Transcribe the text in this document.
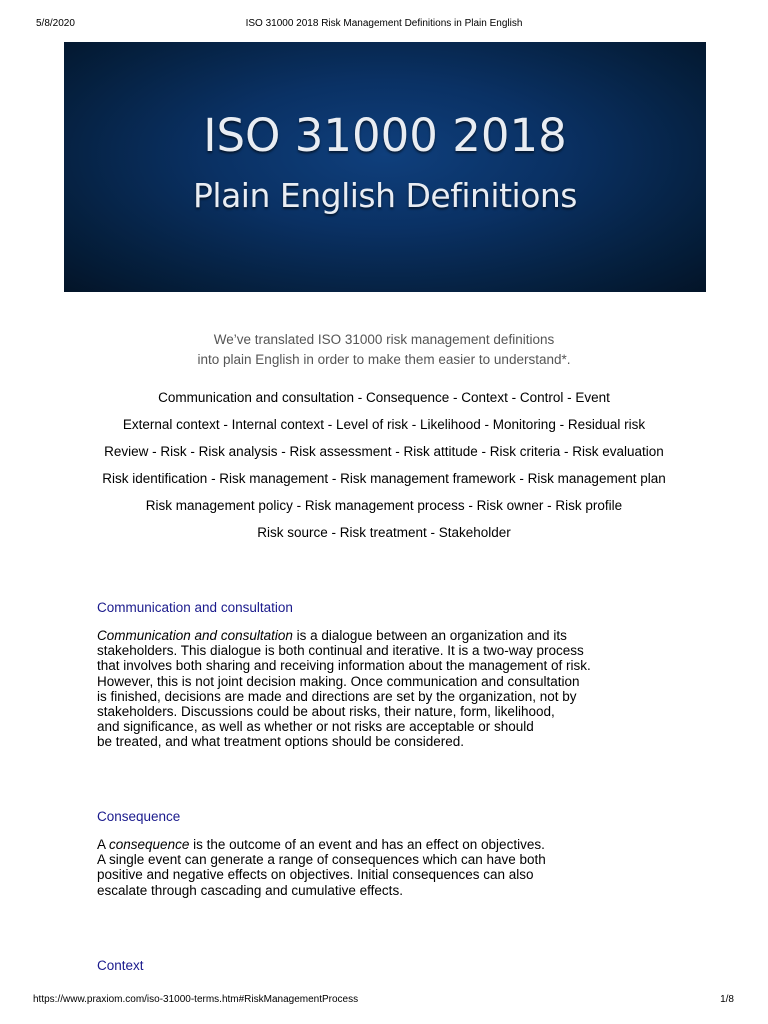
5/8/2020	ISO 31000 2018 Risk Management Definitions in Plain English
ISO 31000 2018
Plain English Definitions
We’ve translated ISO 31000 risk management definitions
into plain English in order to make them easier to understand*.
Communication and consultation - Consequence - Context - Control - Event
External context - Internal context - Level of risk - Likelihood - Monitoring - Residual risk
Review - Risk - Risk analysis - Risk assessment - Risk attitude - Risk criteria - Risk evaluation
Risk identification - Risk management - Risk management framework - Risk management plan
Risk management policy - Risk management process - Risk owner - Risk profile
Risk source - Risk treatment - Stakeholder
Communication and consultation

Communication and consultation is a dialogue between an organization and its
stakeholders. This dialogue is both continual and iterative. It is a two-way process
that involves both sharing and receiving information about the management of risk.
However, this is not joint decision making. Once communication and consultation
is finished, decisions are made and directions are set by the organization, not by
stakeholders. Discussions could be about risks, their nature, form, likelihood,
and significance, as well as whether or not risks are acceptable or should
be treated, and what treatment options should be considered.

Consequence

A consequence is the outcome of an event and has an effect on objectives.
A single event can generate a range of consequences which can have both
positive and negative effects on objectives. Initial consequences can also
escalate through cascading and cumulative effects.

Context
https://www.praxiom.com/iso-31000-terms.htm#RiskManagementProcess	1/8
